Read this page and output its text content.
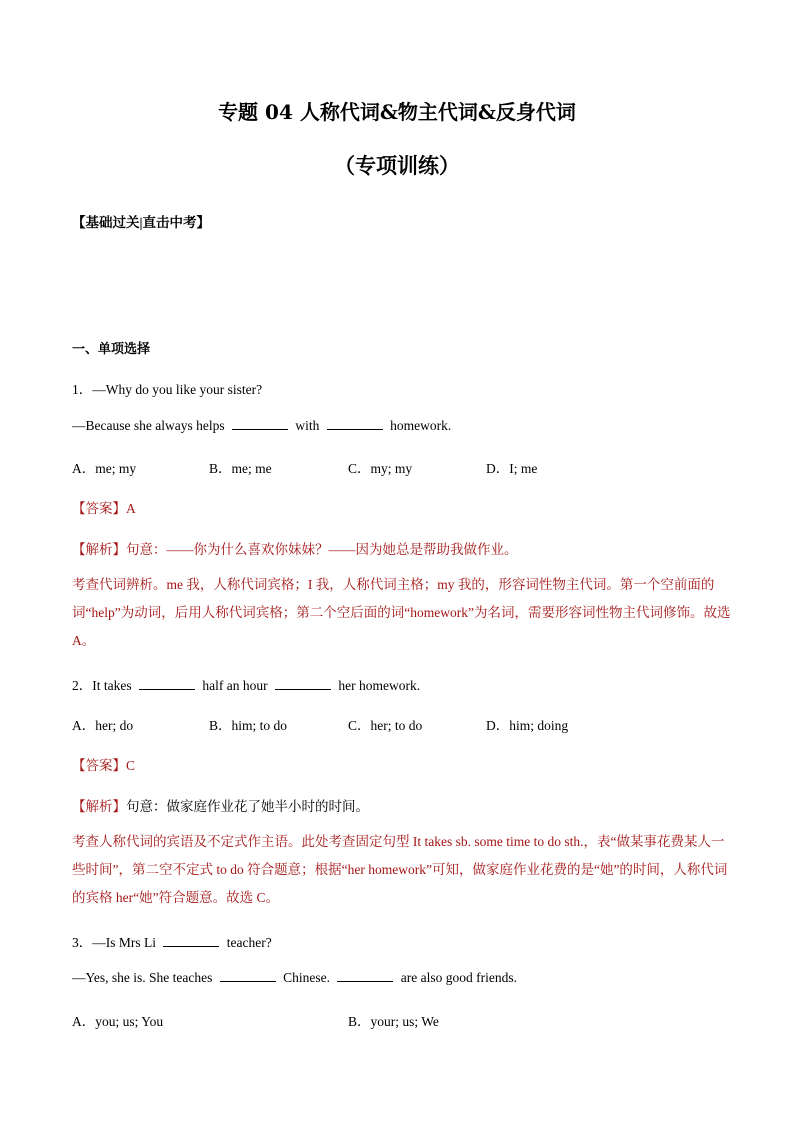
专题 04 人称代词&物主代词&反身代词
（专项训练）
【基础过关|直击中考】
一、单项选择
1．—Why do you like your sister?
—Because she always helps	with	homework.
A．me; my	B．me; me	C．my; my	D．I; me
【答案】A
【解析】句意：——你为什么喜欢你妹妹？——因为她总是帮助我做作业。
考查代词辨析。me 我，人称代词宾格；I 我，人称代词主格；my 我的，形容词性物主代词。第一个空前面的词“help”为动词，后用人称代词宾格；第二个空后面的词“homework”为名词，需要形容词性物主代词修饰。故选 A。
2．It takes	half an hour	her homework.
A．her; do	B．him; to do	C．her; to do	D．him; doing
【答案】C
【解析】句意：做家庭作业花了她半小时的时间。
考查人称代词的宾语及不定式作主语。此处考查固定句型 It takes sb. some time to do sth.，表“做某事花费某人一些时间”，第二空不定式 to do 符合题意；根据“her homework”可知，做家庭作业花费的是“她”的时间，人称代词的宾格 her“她”符合题意。故选 C。
3．—Is Mrs Li	teacher?
—Yes, she is. She teaches	Chinese.	are also good friends.
A．you; us; You	B．your; us; We
